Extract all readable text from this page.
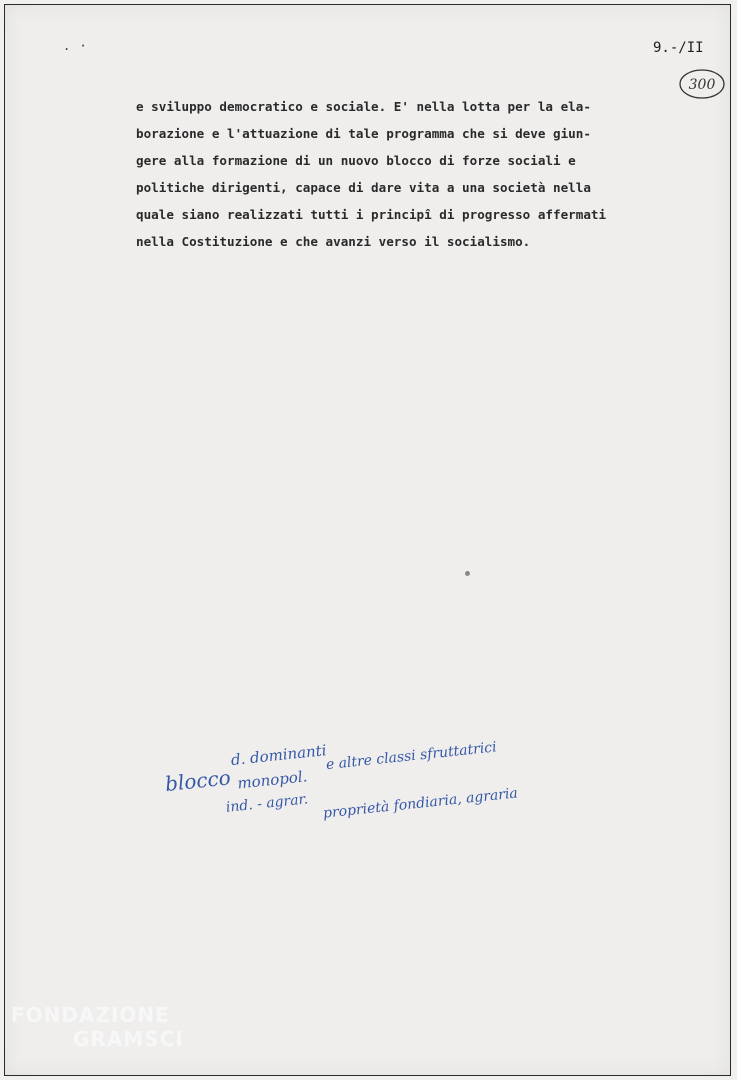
. ·	9.-/II
300

e sviluppo democratico e sociale. E' nella lotta per la ela-
borazione e l'attuazione di tale programma che si deve giun-
gere alla formazione di un nuovo blocco di forze sociali e
politiche dirigenti, capace di dare vita a una società nella
quale siano realizzati tutti i principî di progresso affermati
nella Costituzione e che avanzi verso il socialismo.

blocco
d. dominanti
e altre classi sfruttatrici
monopol.
ind. - agrar. proprietà fondiaria, agraria
FONDAZIONE
GRAMSCI
